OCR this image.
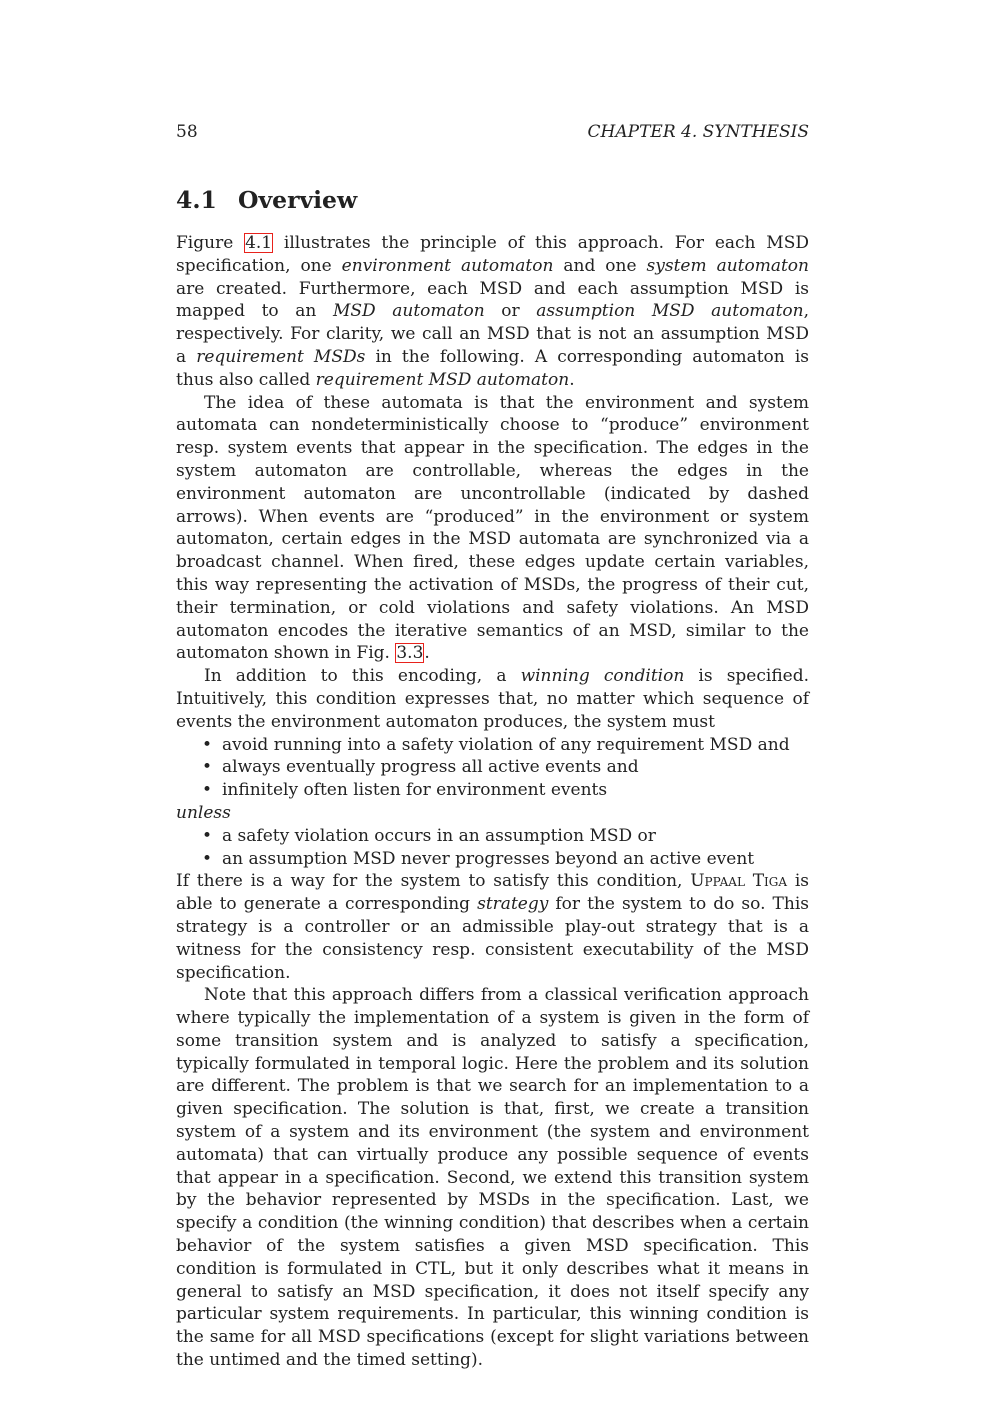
58	CHAPTER 4. SYNTHESIS
4.1 Overview

Figure 4.1 illustrates the principle of this approach. For each MSD specification, one environment automaton and one system automaton are created. Furthermore, each MSD and each assumption MSD is mapped to an MSD automaton or assumption MSD automaton, respectively. For clarity, we call an MSD that is not an assumption MSD a requirement MSDs in the following. A corresponding automaton is thus also called requirement MSD automaton.

The idea of these automata is that the environment and system automata can nondeterministically choose to “produce” environment resp. system events that appear in the specification. The edges in the system automaton are controllable, whereas the edges in the environment automaton are uncontrollable (indicated by dashed arrows). When events are “produced” in the environment or system automaton, certain edges in the MSD automata are synchronized via a broadcast channel. When fired, these edges update certain variables, this way representing the activation of MSDs, the progress of their cut, their termination, or cold violations and safety violations. An MSD automaton encodes the iterative semantics of an MSD, similar to the automaton shown in Fig. 3.3.

In addition to this encoding, a winning condition is specified. Intuitively, this condition expresses that, no matter which sequence of events the environment automaton produces, the system must

• avoid running into a safety violation of any requirement MSD and
• always eventually progress all active events and
• infinitely often listen for environment events

unless

• a safety violation occurs in an assumption MSD or
• an assumption MSD never progresses beyond an active event

If there is a way for the system to satisfy this condition, Uppaal Tiga is able to generate a corresponding strategy for the system to do so. This strategy is a controller or an admissible play-out strategy that is a witness for the consistency resp. consistent executability of the MSD specification.

Note that this approach differs from a classical verification approach where typically the implementation of a system is given in the form of some transition system and is analyzed to satisfy a specification, typically formulated in temporal logic. Here the problem and its solution are different. The problem is that we search for an implementation to a given specification. The solution is that, first, we create a transition system of a system and its environment (the system and environment automata) that can virtually produce any possible sequence of events that appear in a specification. Second, we extend this transition system by the behavior represented by MSDs in the specification. Last, we specify a condition (the winning condition) that describes when a certain behavior of the system satisfies a given MSD specification. This condition is formulated in CTL, but it only describes what it means in general to satisfy an MSD specification, it does not itself specify any particular system requirements. In particular, this winning condition is the same for all MSD specifications (except for slight variations between the untimed and the timed setting).
